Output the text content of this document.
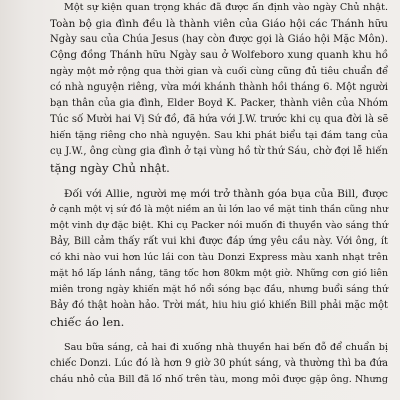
Một sự kiện quan trọng khác đã được ấn định vào ngày Chủ nhật.
Toàn bộ gia đình đều là thành viên của Giáo hội các Thánh hữu
Ngày sau của Chúa Jesus (hay còn được gọi là Giáo hội Mặc Môn).
Cộng đồng Thánh hữu Ngày sau ở Wolfeboro xung quanh khu hồ
ngày một mở rộng qua thời gian và cuối cùng cũng đủ tiêu chuẩn để
có nhà nguyện riêng, vừa mới khánh thành hồi tháng 6. Một người
bạn thân của gia đình, Elder Boyd K. Packer, thành viên của Nhóm
Túc số Mười hai Vị Sứ đồ, đã hứa với J.W. trước khi cụ qua đời là sẽ
hiến tặng riêng cho nhà nguyện. Sau khi phát biểu tại đám tang của
cụ J.W., ông cùng gia đình ở tại vùng hồ từ thứ Sáu, chờ đợi lễ hiến
tặng ngày Chủ nhật.
Đối với Allie, người mẹ mới trở thành góa bụa của Bill, được
ở cạnh một vị sứ đồ là một niềm an ủi lớn lao về mặt tinh thần cũng như
một vinh dự đặc biệt. Khi cụ Packer nói muốn đi thuyền vào sáng thứ
Bảy, Bill cảm thấy rất vui khi được đáp ứng yêu cầu này. Với ông, ít
có khi nào vui hơn lúc lái con tàu Donzi Express màu xanh nhạt trên
mặt hồ lấp lánh nắng, tăng tốc hơn 80km một giờ. Những cơn gió liên
miên trong ngày khiến mặt hồ nổi sóng bạc đầu, nhưng buổi sáng thứ
Bảy đó thật hoàn hảo. Trời mát, hiu hiu gió khiến Bill phải mặc một
chiếc áo len.
Sau bữa sáng, cả hai đi xuống nhà thuyền hai bến đỗ để chuẩn bị
chiếc Donzi. Lúc đó là hơn 9 giờ 30 phút sáng, và thường thì ba đứa
cháu nhỏ của Bill đã lố nhố trên tàu, mong mỏi được gặp ông. Nhưng
